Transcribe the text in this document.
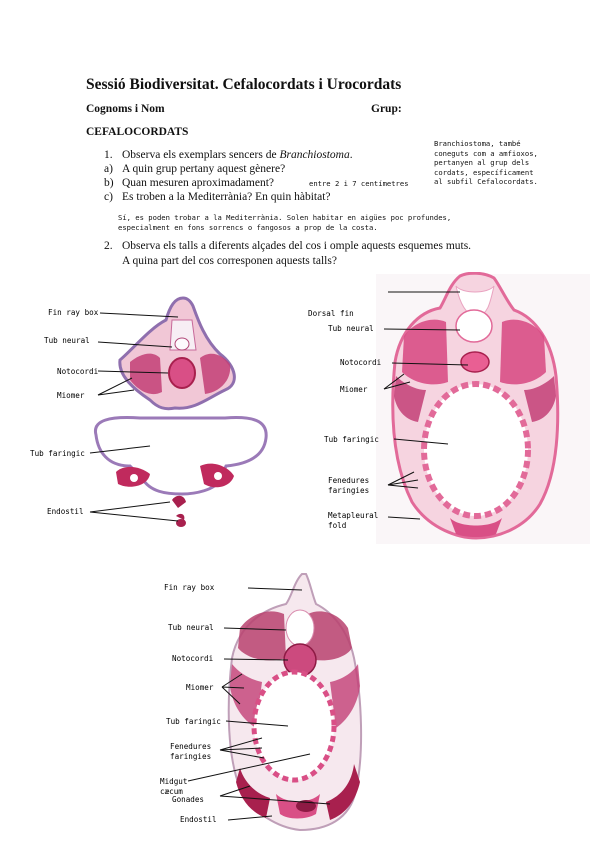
Sessió Biodiversitat. Cefalocordats i Urocordats
Cognoms i Nom	Grup:
CEFALOCORDATS
1. Observa els exemplars sencers de Branchiostoma.
a) A quin grup pertany aquest gènere?
b) Quan mesuren aproximadament?
c) Es troben a la Mediterrània? En quin hàbitat?
Branchiostoma, també
coneguts com a amfioxos,
pertanyen al grup dels
cordats, específicament
al subfil Cefalocordats.
entre 2 i 7 centímetres
Sí, es poden trobar a la Mediterrània. Solen habitar en aigües poc profundes,
especialment en fons sorrencs o fangosos a prop de la costa.
2. Observa els talls a diferents alçades del cos i omple aquests esquemes muts.
A quina part del cos corresponen aquests talls?
Fin ray box
Tub neural
Notocordi
Miomer
Tub faringic
Endostil
Dorsal fin
Tub neural
Notocordi
Miomer
Tub faringic
Fenedures
faringies
Metapleural
fold
Fin ray box
Tub neural
Notocordi
Miomer
Tub faringic
Fenedures
faringies
Midgut
cæcum
Gonades
Endostil
